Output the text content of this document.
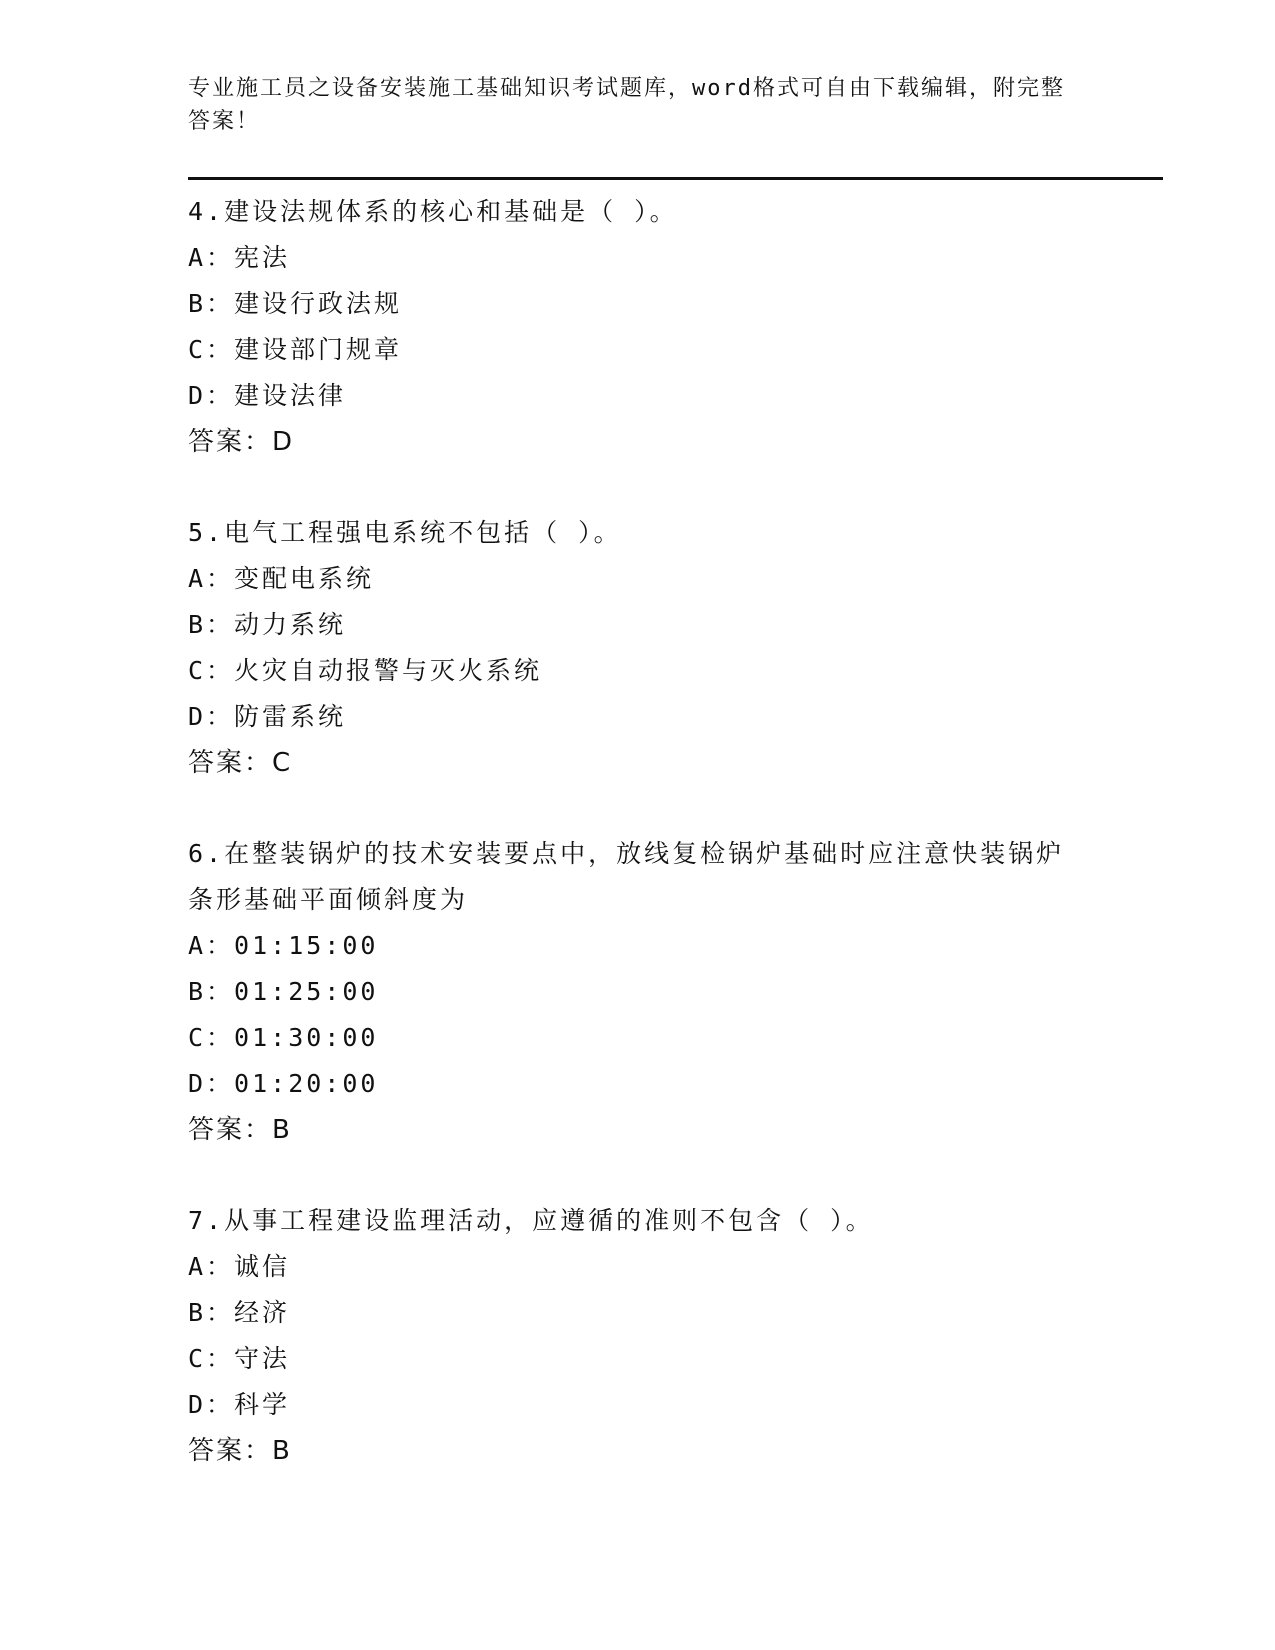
专业施工员之设备安装施工基础知识考试题库，word格式可自由下载编辑，附完整答案！

4.建设法规体系的核心和基础是（ ）。

A：宪法

B：建设行政法规

C：建设部门规章

D：建设法律

答案：D

5.电气工程强电系统不包括（ ）。

A：变配电系统

B：动力系统

C：火灾自动报警与灭火系统

D：防雷系统

答案：C

6.在整装锅炉的技术安装要点中，放线复检锅炉基础时应注意快装锅炉条形基础平面倾斜度为

A：01:15:00

B：01:25:00

C：01:30:00

D：01:20:00

答案：B

7.从事工程建设监理活动，应遵循的准则不包含（ ）。

A：诚信

B：经济

C：守法

D：科学

答案：B
